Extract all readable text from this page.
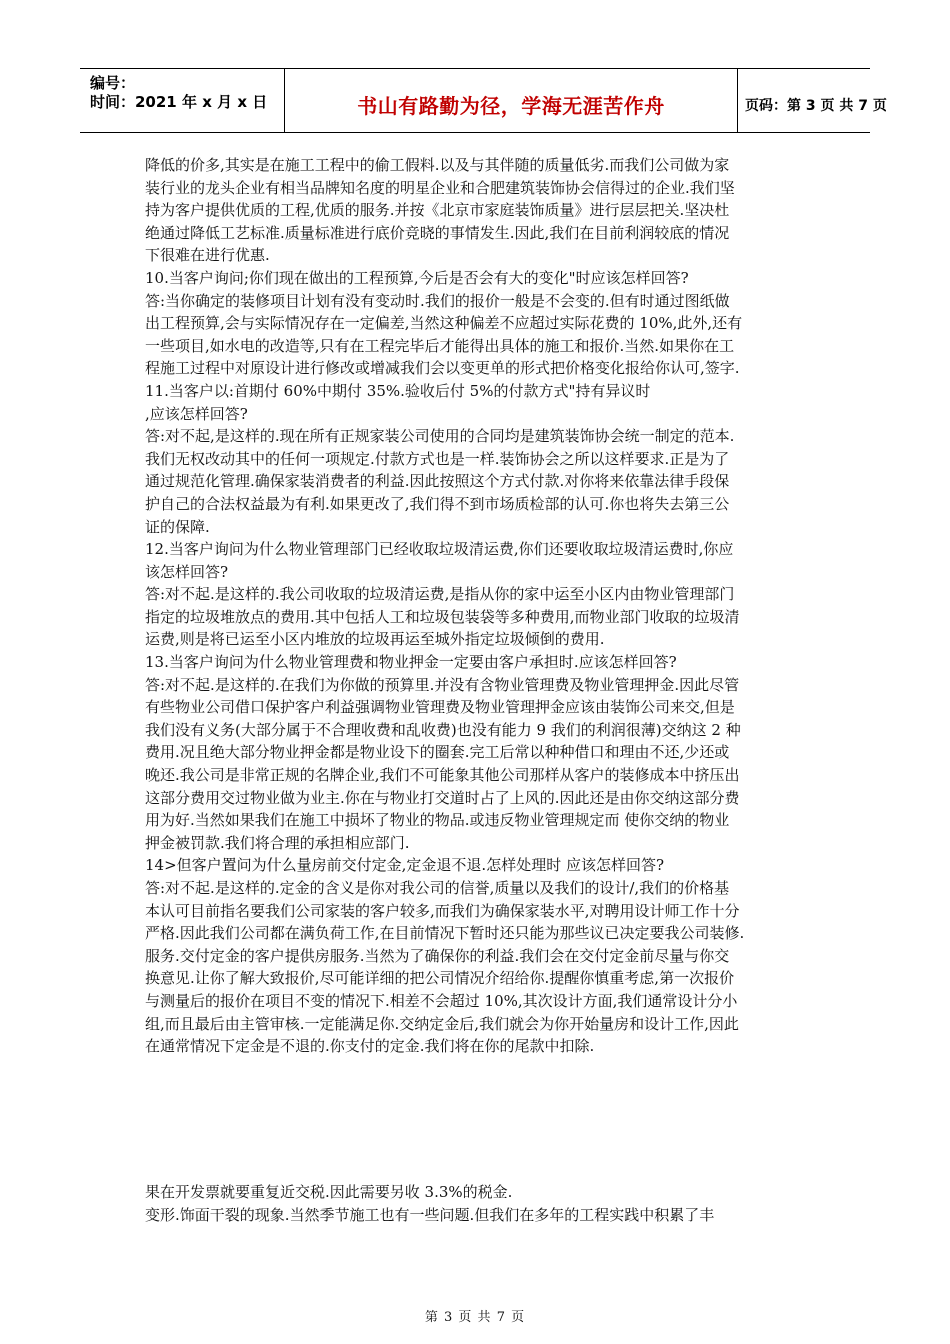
编号：
时间：2021 年 x 月 x 日	书山有路勤为径，学海无涯苦作舟	页码：第 3 页 共 7 页

降低的价多,其实是在施工工程中的偷工假料.以及与其伴随的质量低劣.而我们公司做为家

装行业的龙头企业有相当品牌知名度的明星企业和合肥建筑装饰协会信得过的企业.我们坚

持为客户提供优质的工程,优质的服务.并按《北京市家庭装饰质量》进行层层把关.坚决杜

绝通过降低工艺标准.质量标准进行底价竞晓的事情发生.因此,我们在目前利润较底的情况

下很难在进行优惠.

10.当客户询问;你们现在做出的工程预算,今后是否会有大的变化"时应该怎样回答?

答:当你确定的装修项目计划有没有变动时.我们的报价一般是不会变的.但有时通过图纸做

出工程预算,会与实际情况存在一定偏差,当然这种偏差不应超过实际花费的 10%,此外,还有

一些项目,如水电的改造等,只有在工程完毕后才能得出具体的施工和报价.当然.如果你在工

程施工过程中对原设计进行修改或增减我们会以变更单的形式把价格变化报给你认可,签字.

11.当客户以:首期付 60%中期付 35%.验收后付 5%的付款方式"持有异议时

,应该怎样回答?

答:对不起,是这样的.现在所有正规家装公司使用的合同均是建筑装饰协会统一制定的范本.

我们无权改动其中的任何一项规定.付款方式也是一样.装饰协会之所以这样要求.正是为了

通过规范化管理.确保家装消费者的利益.因此按照这个方式付款.对你将来依靠法律手段保

护自己的合法权益最为有利.如果更改了,我们得不到市场质检部的认可.你也将失去第三公

证的保障.

12.当客户询问为什么物业管理部门已经收取垃圾清运费,你们还要收取垃圾清运费时,你应

该怎样回答?

答:对不起.是这样的.我公司收取的垃圾清运费,是指从你的家中运至小区内由物业管理部门

指定的垃圾堆放点的费用.其中包括人工和垃圾包装袋等多种费用,而物业部门收取的垃圾清

运费,则是将已运至小区内堆放的垃圾再运至城外指定垃圾倾倒的费用.

13.当客户询问为什么物业管理费和物业押金一定要由客户承担时.应该怎样回答?

答:对不起.是这样的.在我们为你做的预算里.并没有含物业管理费及物业管理押金.因此尽管

有些物业公司借口保护客户利益强调物业管理费及物业管理押金应该由装饰公司来交,但是

我们没有义务(大部分属于不合理收费和乱收费)也没有能力 9 我们的利润很薄)交纳这 2 种

费用.况且绝大部分物业押金都是物业设下的圈套.完工后常以种种借口和理由不还,少还或

晚还.我公司是非常正规的名牌企业,我们不可能象其他公司那样从客户的装修成本中挤压出

这部分费用交过物业做为业主.你在与物业打交道时占了上风的.因此还是由你交纳这部分费

用为好.当然如果我们在施工中损坏了物业的物品.或违反物业管理规定而 使你交纳的物业

押金被罚款.我们将合理的承担相应部门.

14>但客户置问为什么量房前交付定金,定金退不退.怎样处理时 应该怎样回答?

答:对不起.是这样的.定金的含义是你对我公司的信誉,质量以及我们的设计/,我们的价格基

本认可目前指名要我们公司家装的客户较多,而我们为确保家装水平,对聘用设计师工作十分

严格.因此我们公司都在满负荷工作,在目前情况下暂时还只能为那些议已决定要我公司装修.

服务.交付定金的客户提供房服务.当然为了确保你的利益.我们会在交付定金前尽量与你交

换意见.让你了解大致报价,尽可能详细的把公司情况介绍给你.提醒你慎重考虑,第一次报价

与测量后的报价在项目不变的情况下.相差不会超过 10%,其次设计方面,我们通常设计分小

组,而且最后由主管审核.一定能满足你.交纳定金后,我们就会为你开始量房和设计工作,因此

在通常情况下定金是不退的.你支付的定金.我们将在你的尾款中扣除.

果在开发票就要重复近交税.因此需要另收 3.3%的税金.

变形.饰面干裂的现象.当然季节施工也有一些问题.但我们在多年的工程实践中积累了丰

第 3 页 共 7 页
